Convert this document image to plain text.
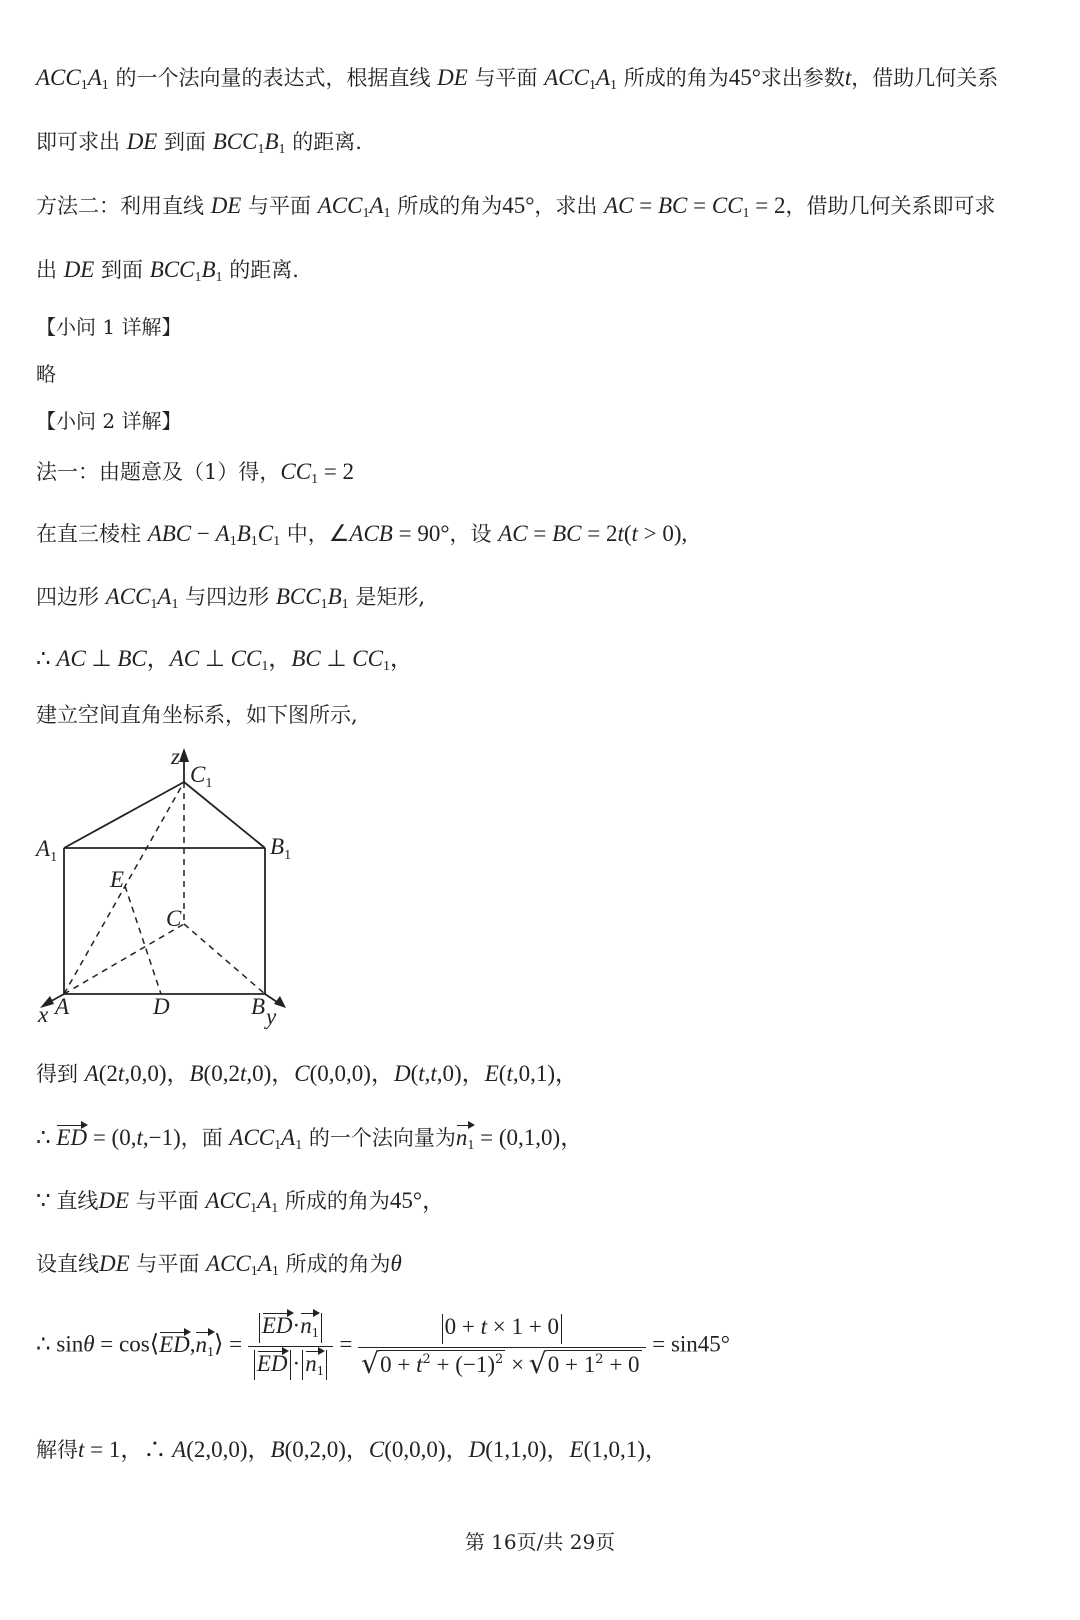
ACC1A1 的一个法向量的表达式，根据直线 DE 与平面 ACC1A1 所成的角为45°求出参数t，借助几何关系
即可求出 DE 到面 BCC1B1 的距离.
方法二：利用直线 DE 与平面 ACC1A1 所成的角为45°，求出 AC = BC = CC1 = 2，借助几何关系即可求
出 DE 到面 BCC1B1 的距离.
【小问 1 详解】
略
【小问 2 详解】
法一：由题意及（1）得，CC1 = 2
在直三棱柱 ABC − A1B1C1 中，∠ACB = 90°，设 AC = BC = 2t(t > 0),
四边形 ACC1A1 与四边形 BCC1B1 是矩形,
∴ AC ⊥ BC，AC ⊥ CC1，BC ⊥ CC1，
建立空间直角坐标系，如下图所示,
z
$C_1$
$A_1$	$B_1$
E
C
x A	D	B y
得到 A(2t,0,0)，B(0,2t,0)，C(0,0,0)，D(t,t,0)，E(t,0,1)，
∴ ED = (0,t,−1)，面 ACC1A1 的一个法向量为n1 = (0,1,0)，
∵ 直线DE 与平面 ACC1A1 所成的角为45°，
设直线DE 与平面 ACC1A1 所成的角为θ
∴ sinθ = cos⟨ED,n1⟩ = $\frac{ED\cdot n1}{ED \cdot n1} = 0 + t \times 1 + 0$
√ $0 + t^2 + (-1)^2$ × √ $0 + 1^2 + 0 = \sin 45^\circ$
解得t = 1，∴ A(2,0,0)，B(0,2,0)，C(0,0,0)，D(1,1,0)，E(1,0,1)，
第 16页/共 29页
